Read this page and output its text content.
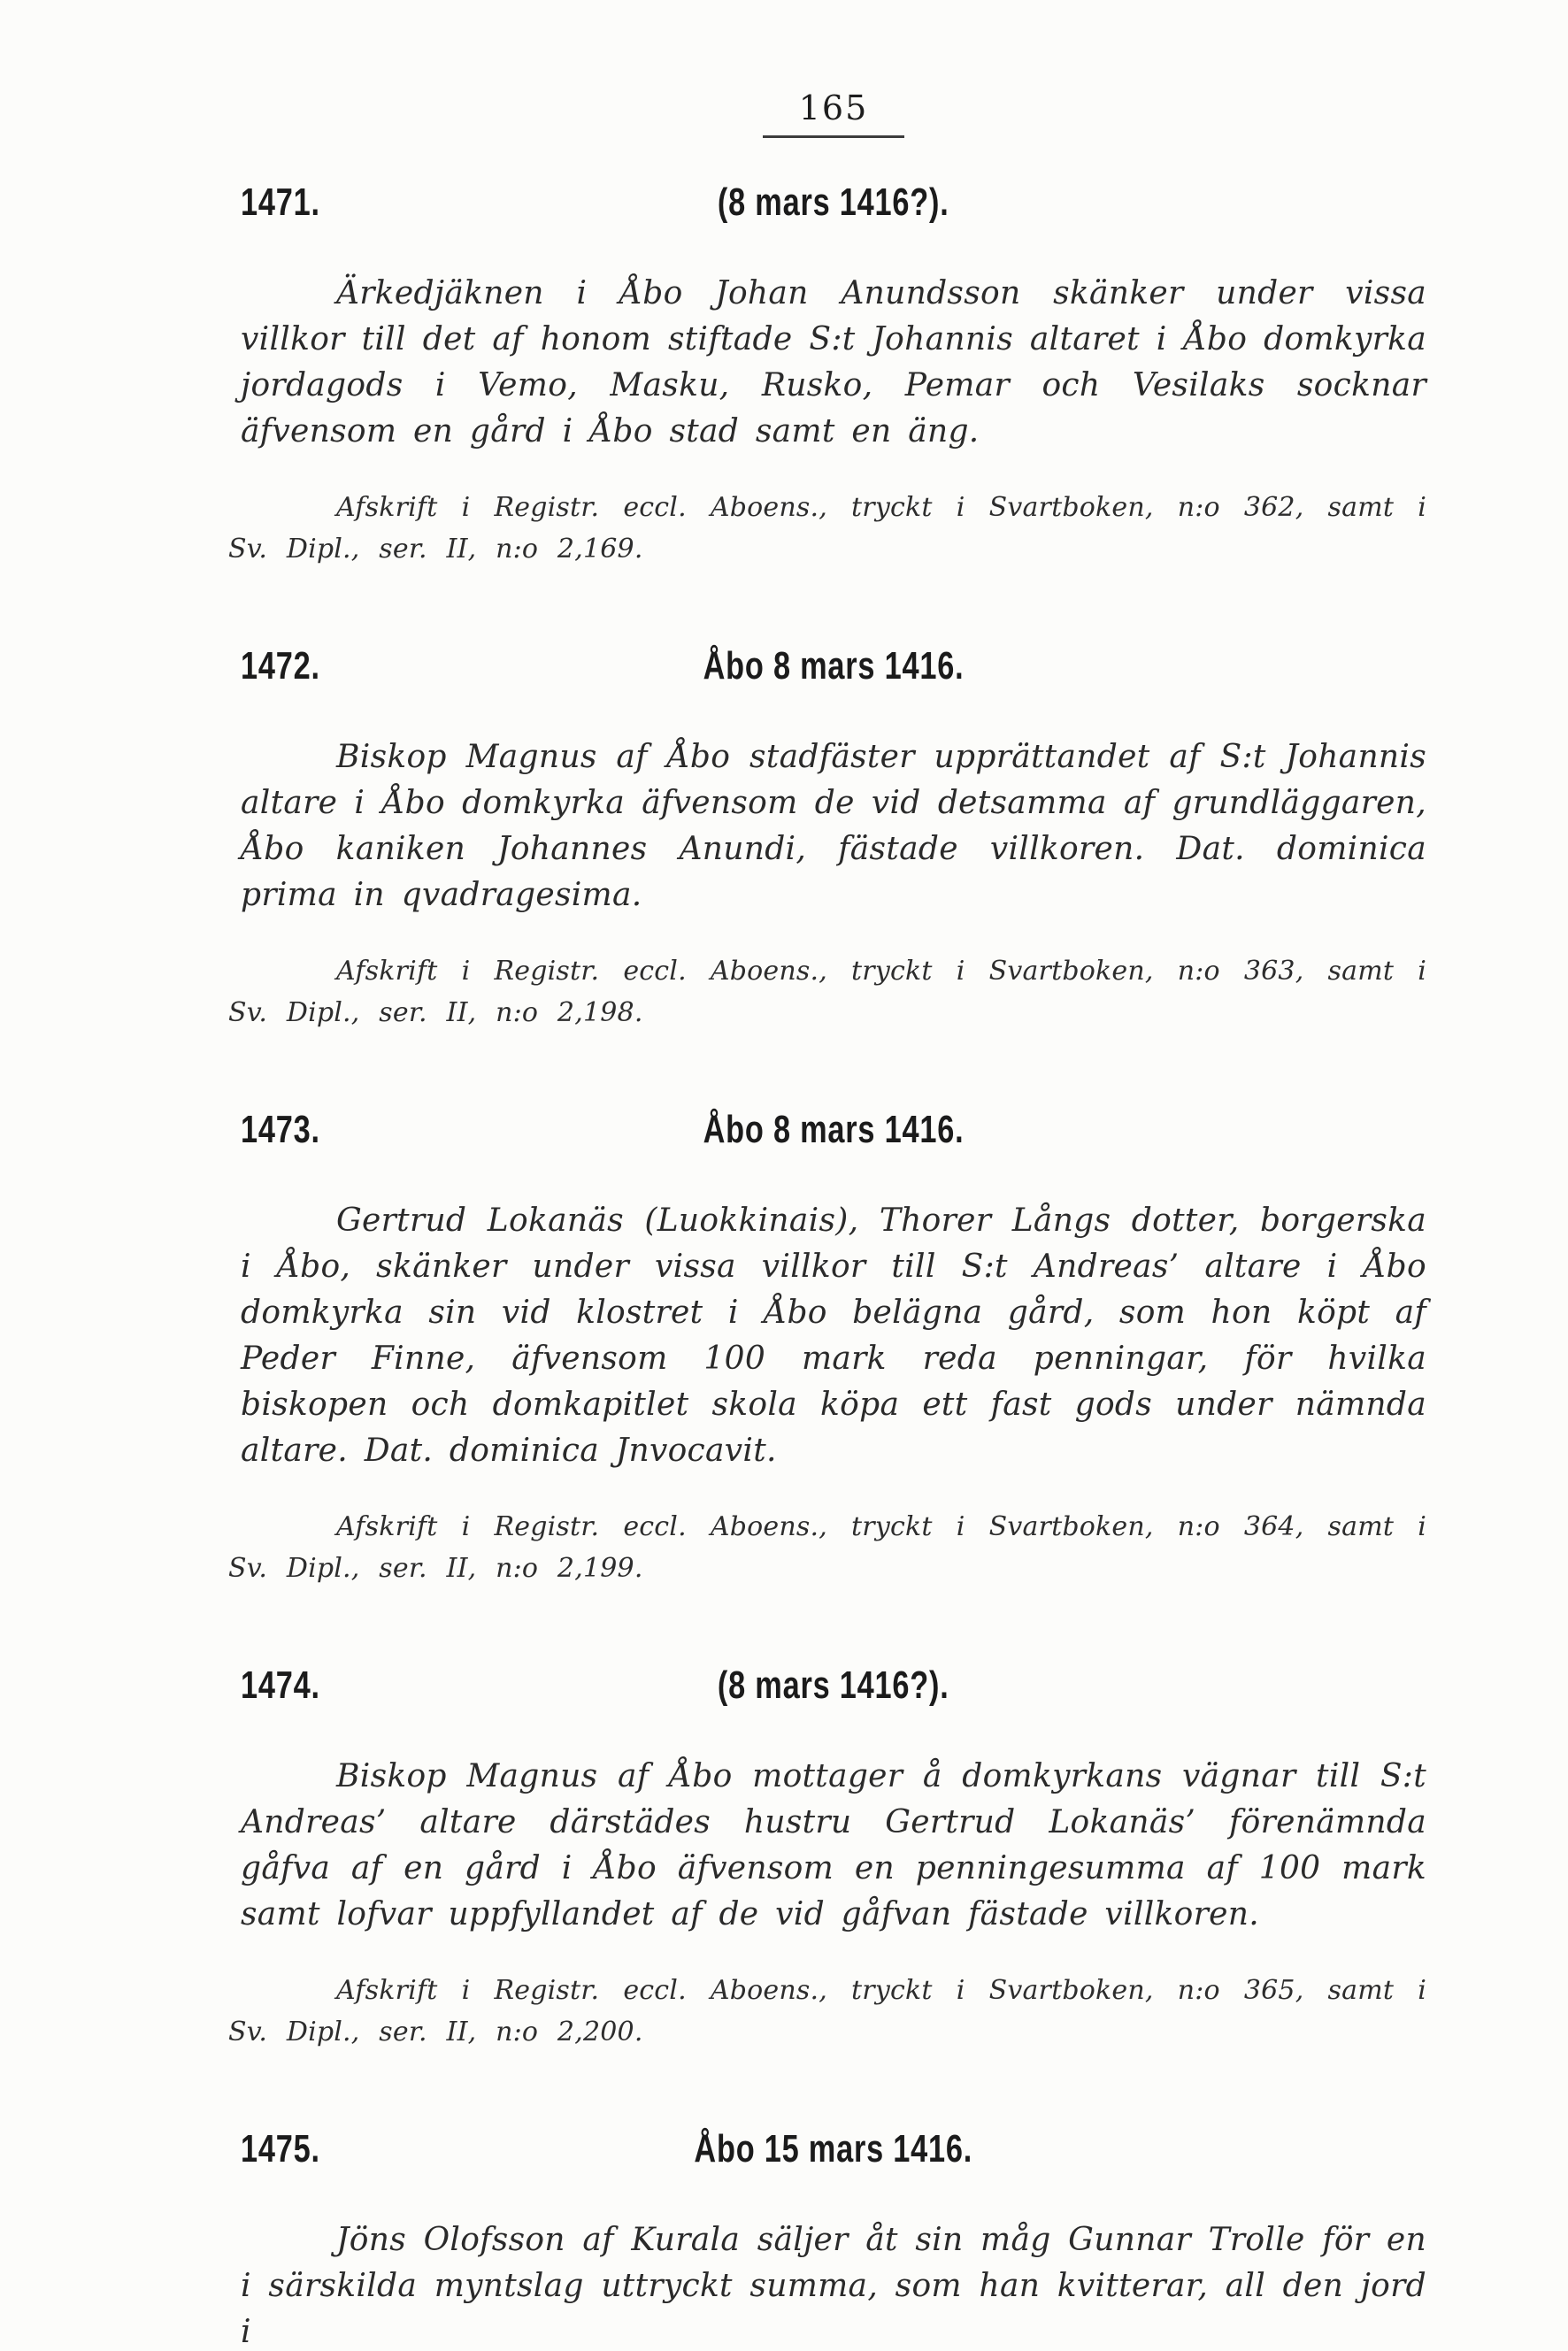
165
1471.	(8 mars 1416?).

Ärkedjäknen i Åbo Johan Anundsson skänker under vissa villkor till det af honom stiftade S:t Johannis altaret i Åbo domkyrka jordagods i Vemo, Masku, Rusko, Pemar och Vesilaks socknar äfvensom en gård i Åbo stad samt en äng.

Afskrift i Registr. eccl. Aboens., tryckt i Svartboken, n:o 362, samt i Sv. Dipl., ser. II, n:o 2,169.

1472.	Åbo 8 mars 1416.

Biskop Magnus af Åbo stadfäster upprättandet af S:t Johannis altare i Åbo domkyrka äfvensom de vid detsamma af grundläggaren, Åbo kaniken Johannes Anundi, fästade villkoren. Dat. dominica prima in qvadragesima.

Afskrift i Registr. eccl. Aboens., tryckt i Svartboken, n:o 363, samt i Sv. Dipl., ser. II, n:o 2,198.

1473.	Åbo 8 mars 1416.

Gertrud Lokanäs (Luokkinais), Thorer Långs dotter, borgerska i Åbo, skänker under vissa villkor till S:t Andreas’ altare i Åbo domkyrka sin vid klostret i Åbo belägna gård, som hon köpt af Peder Finne, äfvensom 100 mark reda penningar, för hvilka biskopen och domkapitlet skola köpa ett fast gods under nämnda altare. Dat. dominica Jnvocavit.

Afskrift i Registr. eccl. Aboens., tryckt i Svartboken, n:o 364, samt i Sv. Dipl., ser. II, n:o 2,199.

1474.	(8 mars 1416?).

Biskop Magnus af Åbo mottager å domkyrkans vägnar till S:t Andreas’ altare därstädes hustru Gertrud Lokanäs’ förenämnda gåfva af en gård i Åbo äfvensom en penningesumma af 100 mark samt lofvar uppfyllandet af de vid gåfvan fästade villkoren.

Afskrift i Registr. eccl. Aboens., tryckt i Svartboken, n:o 365, samt i Sv. Dipl., ser. II, n:o 2,200.

1475.	Åbo 15 mars 1416.

Jöns Olofsson af Kurala säljer åt sin måg Gunnar Trolle för en i särskilda myntslag uttryckt summa, som han kvitterar, all den jord i
